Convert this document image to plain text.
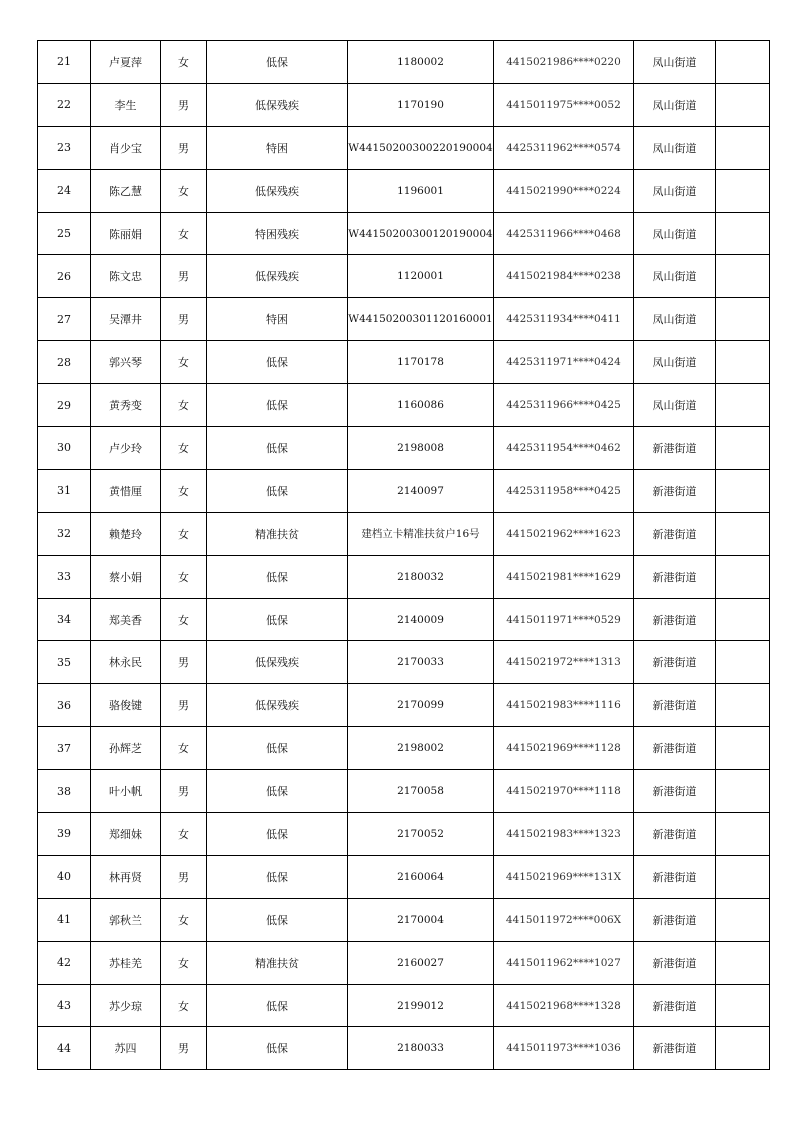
21	卢夏萍	女	低保	1180002	4415021986****0220	凤山街道	
22	李生	男	低保残疾	1170190	4415011975****0052	凤山街道	
23	肖少宝	男	特困	W44150200300220190004	4425311962****0574	凤山街道	
24	陈乙慧	女	低保残疾	1196001	4415021990****0224	凤山街道	
25	陈丽娟	女	特困残疾	W44150200300120190004	4425311966****0468	凤山街道	
26	陈文忠	男	低保残疾	1120001	4415021984****0238	凤山街道	
27	吴潭井	男	特困	W44150200301120160001	4425311934****0411	凤山街道	
28	郭兴琴	女	低保	1170178	4425311971****0424	凤山街道	
29	黄秀变	女	低保	1160086	4425311966****0425	凤山街道	
30	卢少玲	女	低保	2198008	4425311954****0462	新港街道	
31	黄惜厘	女	低保	2140097	4425311958****0425	新港街道	
32	赖楚玲	女	精准扶贫	建档立卡精准扶贫户16号	4415021962****1623	新港街道	
33	蔡小娟	女	低保	2180032	4415021981****1629	新港街道	
34	郑美香	女	低保	2140009	4415011971****0529	新港街道	
35	林永民	男	低保残疾	2170033	4415021972****1313	新港街道	
36	骆俊键	男	低保残疾	2170099	4415021983****1116	新港街道	
37	孙辉芝	女	低保	2198002	4415021969****1128	新港街道	
38	叶小帆	男	低保	2170058	4415021970****1118	新港街道	
39	郑细妹	女	低保	2170052	4415021983****1323	新港街道	
40	林再贤	男	低保	2160064	4415021969****131X	新港街道	
41	郭秋兰	女	低保	2170004	4415011972****006X	新港街道	
42	苏桂羌	女	精准扶贫	2160027	4415011962****1027	新港街道	
43	苏少琼	女	低保	2199012	4415021968****1328	新港街道	
44	苏四	男	低保	2180033	4415011973****1036	新港街道	
